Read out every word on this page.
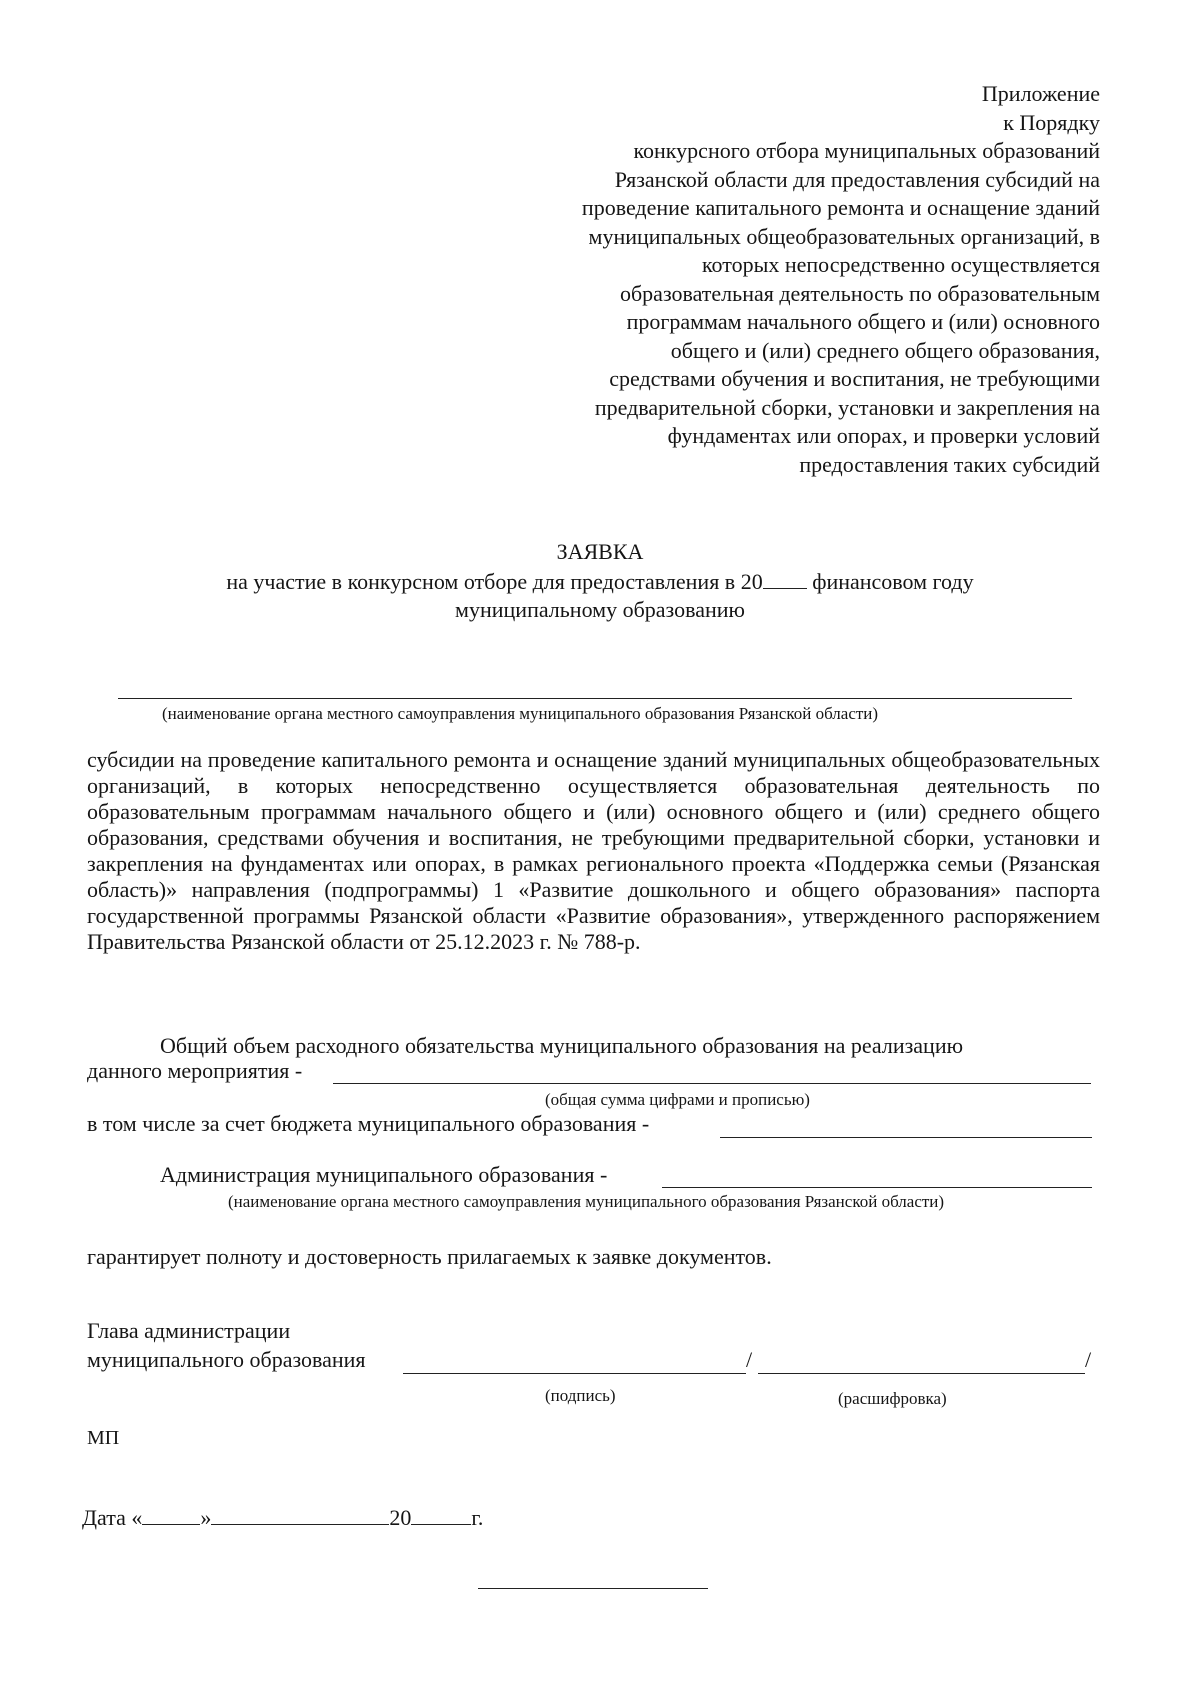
Приложение
к Порядку
конкурсного отбора муниципальных образований
Рязанской области для предоставления субсидий на
проведение капитального ремонта и оснащение зданий
муниципальных общеобразовательных организаций, в
которых непосредственно осуществляется
образовательная деятельность по образовательным
программам начального общего и (или) основного
общего и (или) среднего общего образования,
средствами обучения и воспитания, не требующими
предварительной сборки, установки и закрепления на
фундаментах или опорах, и проверки условий
предоставления таких субсидий
ЗАЯВКА
на участие в конкурсном отборе для предоставления в 20 финансовом году
муниципальному образованию
(наименование органа местного самоуправления муниципального образования Рязанской области)
субсидии на проведение капитального ремонта и оснащение зданий муниципальных общеобразовательных организаций, в которых непосредственно осуществляется образовательная деятельность по образовательным программам начального общего и (или) основного общего и (или) среднего общего образования, средствами обучения и воспитания, не требующими предварительной сборки, установки и закрепления на фундаментах или опорах, в рамках регионального проекта «Поддержка семьи (Рязанская область)» направления (подпрограммы) 1 «Развитие дошкольного и общего образования» паспорта государственной программы Рязанской области «Развитие образования», утвержденного распоряжением Правительства Рязанской области от 25.12.2023 г. № 788-р.
Общий объем расходного обязательства муниципального образования на реализацию
данного мероприятия -
(общая сумма цифрами и прописью)
в том числе за счет бюджета муниципального образования -
Администрация муниципального образования -
(наименование органа местного самоуправления муниципального образования Рязанской области)
гарантирует полноту и достоверность прилагаемых к заявке документов.
Глава администрации
муниципального образования	/	/
(подпись)	(расшифровка)
МП
Дата «	»	20	г.
